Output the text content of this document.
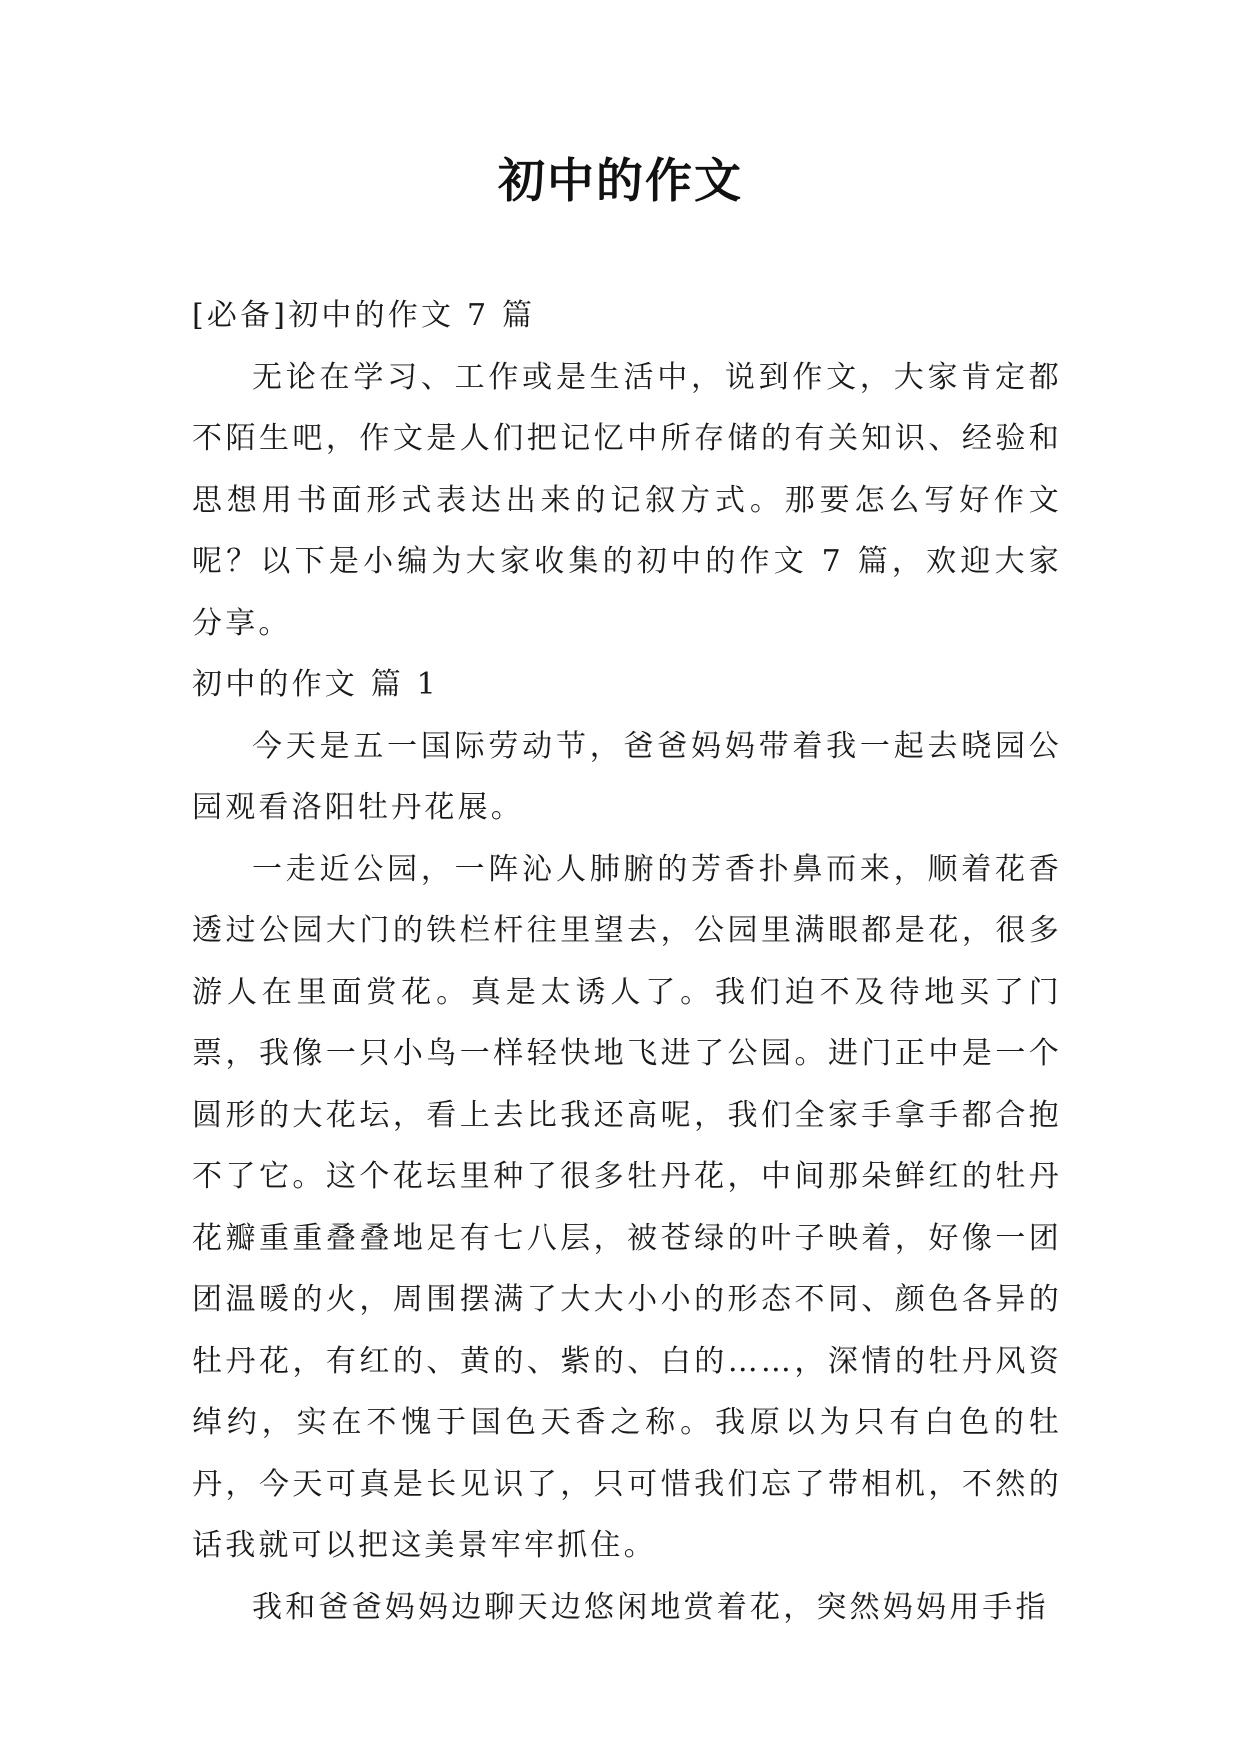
初中的作文

[必备]初中的作文 7 篇

无论在学习、工作或是生活中，说到作文，大家肯定都不陌生吧，作文是人们把记忆中所存储的有关知识、经验和思想用书面形式表达出来的记叙方式。那要怎么写好作文呢？以下是小编为大家收集的初中的作文 7 篇，欢迎大家分享。

初中的作文 篇 1

今天是五一国际劳动节，爸爸妈妈带着我一起去晓园公园观看洛阳牡丹花展。

一走近公园，一阵沁人肺腑的芳香扑鼻而来，顺着花香透过公园大门的铁栏杆往里望去，公园里满眼都是花，很多游人在里面赏花。真是太诱人了。我们迫不及待地买了门票，我像一只小鸟一样轻快地飞进了公园。进门正中是一个圆形的大花坛，看上去比我还高呢，我们全家手拿手都合抱不了它。这个花坛里种了很多牡丹花，中间那朵鲜红的牡丹花瓣重重叠叠地足有七八层，被苍绿的叶子映着，好像一团团温暖的火，周围摆满了大大小小的形态不同、颜色各异的牡丹花，有红的、黄的、紫的、白的……，深情的牡丹风资绰约，实在不愧于国色天香之称。我原以为只有白色的牡丹，今天可真是长见识了，只可惜我们忘了带相机，不然的话我就可以把这美景牢牢抓住。

我和爸爸妈妈边聊天边悠闲地赏着花，突然妈妈用手指
